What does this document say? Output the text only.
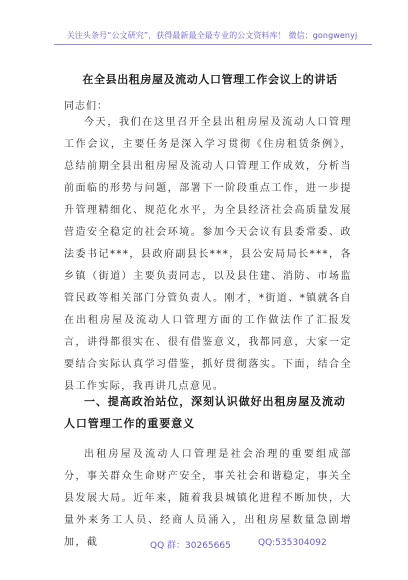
关注头条号“公文研究”，获得最新最全最专业的公文资料库！ 微信：gongwenyj
在全县出租房屋及流动人口管理工作会议上的讲话
同志们：

今天，我们在这里召开全县出租房屋及流动人口管理工作会议，主要任务是深入学习贯彻《住房租赁条例》，总结前期全县出租房屋及流动人口管理工作成效，分析当前面临的形势与问题，部署下一阶段重点工作，进一步提升管理精细化、规范化水平，为全县经济社会高质量发展营造安全稳定的社会环境。参加今天会议有县委常委、政法委书记***，县政府副县长***，县公安局局长***，各乡镇（街道）主要负责同志，以及县住建、消防、市场监管民政等相关部门分管负责人。刚才，*街道、*镇就各自在出租房屋及流动人口管理方面的工作做法作了汇报发言，讲得都很实在、很有借鉴意义，我都同意，大家一定要结合实际认真学习借鉴，抓好贯彻落实。下面，结合全县工作实际，我再讲几点意见。

一、提高政治站位，深刻认识做好出租房屋及流动人口管理工作的重要意义

出租房屋及流动人口管理是社会治理的重要组成部分，事关群众生命财产安全，事关社会和谐稳定，事关全县发展大局。近年来，随着我县城镇化进程不断加快，大量外来务工人员、经商人员涌入，出租房屋数量急剧增加，截	QQ 群：30265665	QQ:535304092
